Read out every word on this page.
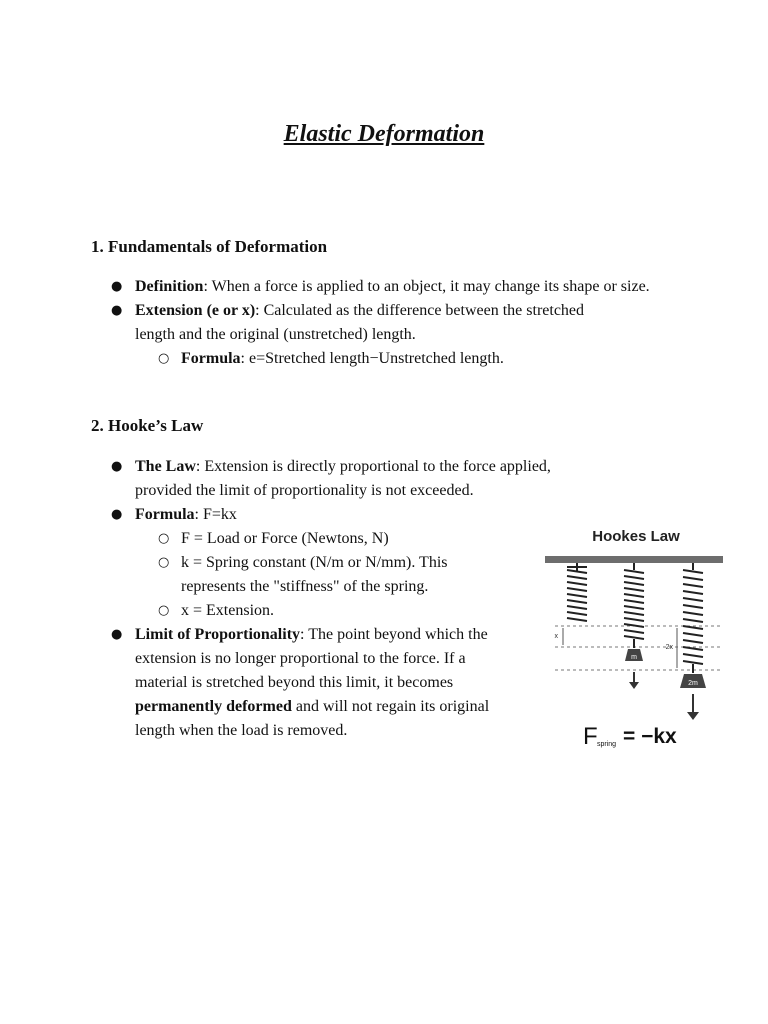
Elastic Deformation
1. Fundamentals of Deformation
● Definition: When a force is applied to an object, it may change its shape or size.
● Extension (e or x): Calculated as the difference between the stretched length and the original (unstretched) length.
○ Formula: e=Stretched length−Unstretched length.
2. Hooke’s Law
● The Law: Extension is directly proportional to the force applied, provided the limit of proportionality is not exceeded.
● Formula: F=kx
○ F = Load or Force (Newtons, N)
○ k = Spring constant (N/m or N/mm). This represents the "stiffness" of the spring.
○ x = Extension.
● Limit of Proportionality: The point beyond which the extension is no longer proportional to the force. If a material is stretched beyond this limit, it becomes permanently deformed and will not regain its original length when the load is removed.
Hookes Law
x
m
2x
2m
F spring = −kx
